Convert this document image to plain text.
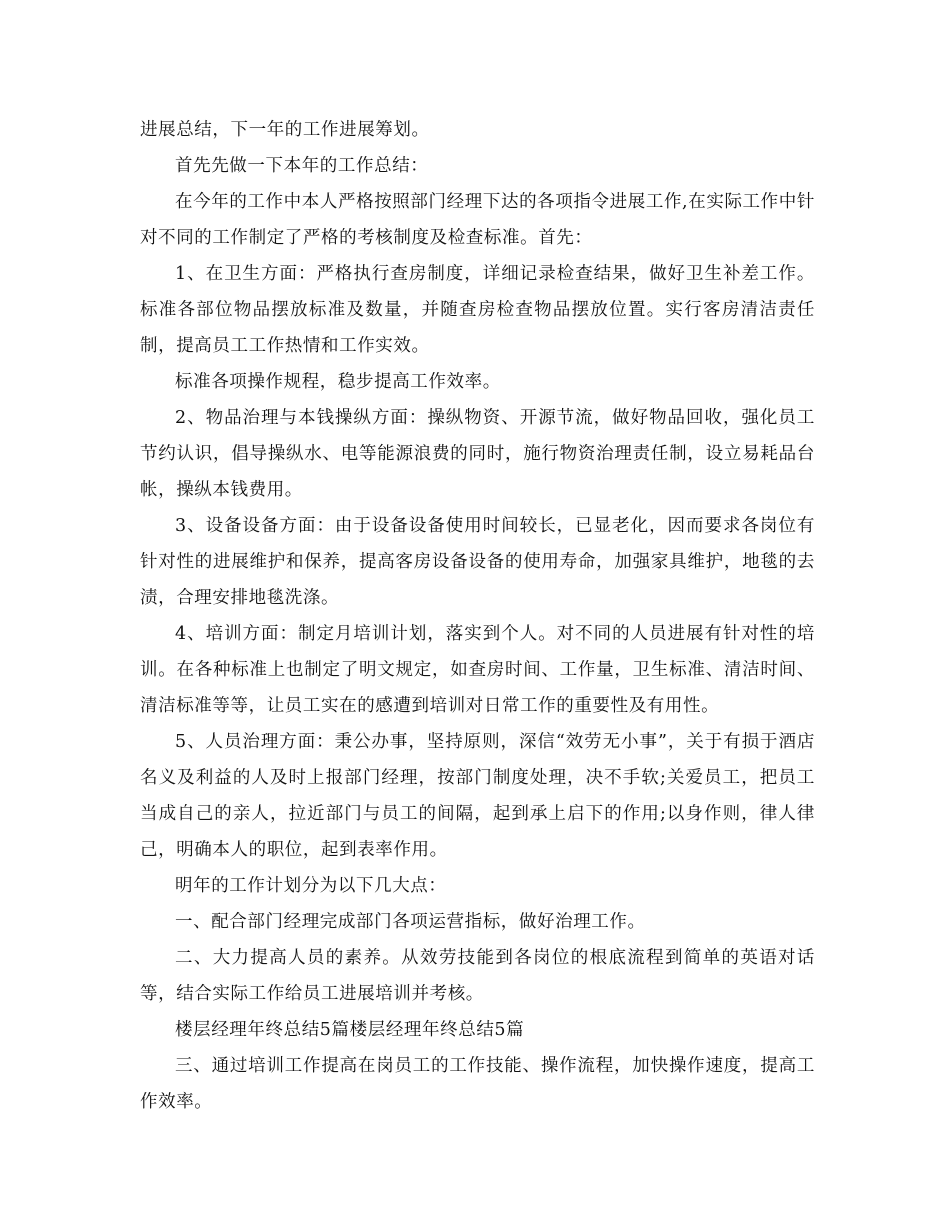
进展总结，下一年的工作进展筹划。

首先先做一下本年的工作总结：

在今年的工作中本人严格按照部门经理下达的各项指令进展工作,在实际工作中针对不同的工作制定了严格的考核制度及检查标准。首先：

1、在卫生方面：严格执行查房制度，详细记录检查结果，做好卫生补差工作。标准各部位物品摆放标准及数量，并随查房检查物品摆放位置。实行客房清洁责任制，提高员工工作热情和工作实效。

标准各项操作规程，稳步提高工作效率。

2、物品治理与本钱操纵方面：操纵物资、开源节流，做好物品回收，强化员工节约认识，倡导操纵水、电等能源浪费的同时，施行物资治理责任制，设立易耗品台帐，操纵本钱费用。

3、设备设备方面：由于设备设备使用时间较长，已显老化，因而要求各岗位有针对性的进展维护和保养，提高客房设备设备的使用寿命，加强家具维护，地毯的去渍，合理安排地毯洗涤。

4、培训方面：制定月培训计划，落实到个人。对不同的人员进展有针对性的培训。在各种标准上也制定了明文规定，如查房时间、工作量，卫生标准、清洁时间、清洁标准等等，让员工实在的感遭到培训对日常工作的重要性及有用性。

5、人员治理方面：秉公办事，坚持原则，深信“效劳无小事”，关于有损于酒店名义及利益的人及时上报部门经理，按部门制度处理，决不手软;关爱员工，把员工当成自己的亲人，拉近部门与员工的间隔，起到承上启下的作用;以身作则，律人律己，明确本人的职位，起到表率作用。

明年的工作计划分为以下几大点：

一、配合部门经理完成部门各项运营指标，做好治理工作。

二、大力提高人员的素养。从效劳技能到各岗位的根底流程到简单的英语对话等，结合实际工作给员工进展培训并考核。

楼层经理年终总结5篇楼层经理年终总结5篇

三、通过培训工作提高在岗员工的工作技能、操作流程，加快操作速度，提高工作效率。
